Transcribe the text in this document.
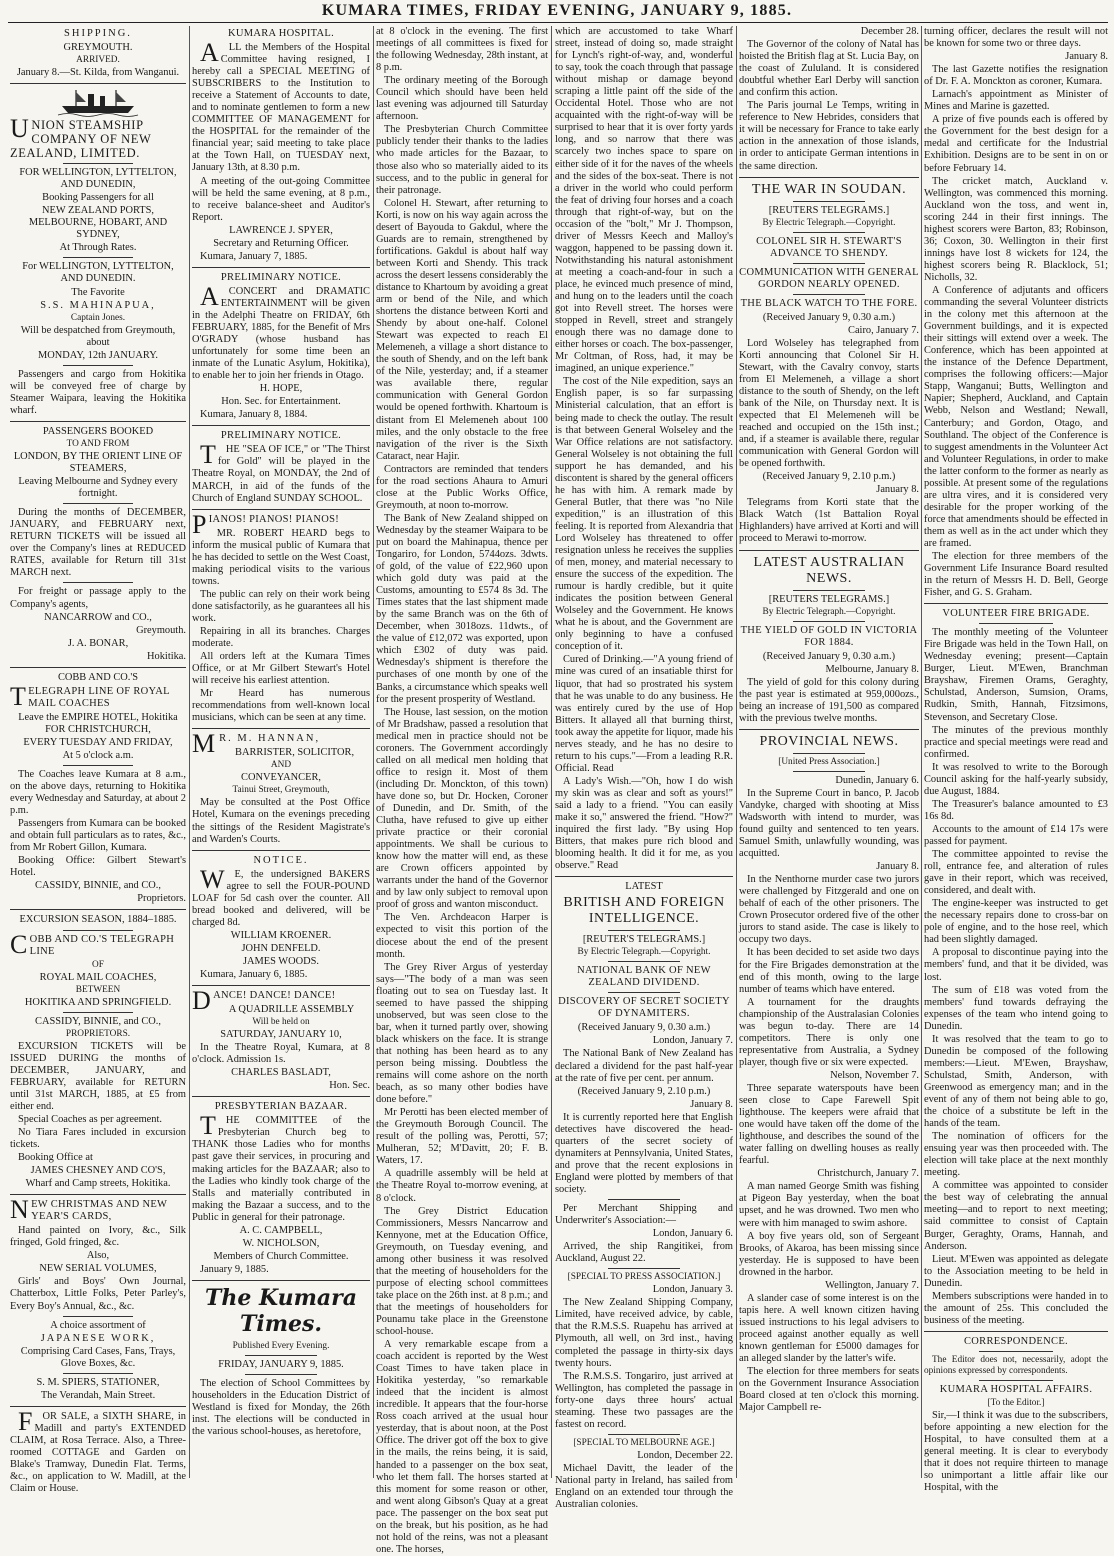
KUMARA TIMES, FRIDAY EVENING, JANUARY 9, 1885.

SHIPPING.

GREYMOUTH.

ARRIVED.

January 8.—St. Kilda, from Wanganui.

UNION STEAMSHIP COMPANY OF NEW ZEALAND, LIMITED.

FOR WELLINGTON, LYTTELTON, AND DUNEDIN,

Booking Passengers for all

NEW ZEALAND PORTS, MELBOURNE, HOBART, AND SYDNEY,

At Through Rates.

For WELLINGTON, LYTTELTON, AND DUNEDIN.

The Favorite

S.S. MAHINAPUA,

Captain Jones.

Will be despatched from Greymouth, about

MONDAY, 12th JANUARY.

Passengers and cargo from Hokitika will be conveyed free of charge by Steamer Waipara, leaving the Hokitika wharf.

PASSENGERS BOOKED

TO AND FROM

LONDON, BY THE ORIENT LINE OF STEAMERS,

Leaving Melbourne and Sydney every fortnight.

During the months of DECEMBER, JANUARY, and FEBRUARY next, RETURN TICKETS will be issued all over the Company's lines at REDUCED RATES, available for Return till 31st MARCH next.

For freight or passage apply to the Company's agents,

NANCARROW and CO.,

Greymouth.

J. A. BONAR,

Hokitika.

COBB AND CO.'S

TELEGRAPH LINE OF ROYAL MAIL COACHES

Leave the EMPIRE HOTEL, Hokitika FOR CHRISTCHURCH,

EVERY TUESDAY AND FRIDAY,

At 5 o'clock a.m.

The Coaches leave Kumara at 8 a.m., on the above days, returning to Hokitika every Wednesday and Saturday, at about 2 p.m.

Passengers from Kumara can be booked and obtain full particulars as to rates, &c., from Mr Robert Gillon, Kumara.

Booking Office: Gilbert Stewart's Hotel.

CASSIDY, BINNIE, and CO.,

Proprietors.

EXCURSION SEASON, 1884–1885.

COBB AND CO.'S TELEGRAPH LINE

OF

ROYAL MAIL COACHES,

BETWEEN

HOKITIKA AND SPRINGFIELD.

CASSIDY, BINNIE, and CO.,

PROPRIETORS.

EXCURSION TICKETS will be ISSUED DURING the months of DECEMBER, JANUARY, and FEBRUARY, available for RETURN until 31st MARCH, 1885, at £5 from either end.

Special Coaches as per agreement.

No Tiara Fares included in excursion tickets.

Booking Office at

JAMES CHESNEY AND CO'S,

Wharf and Camp streets, Hokitika.

NEW CHRISTMAS AND NEW YEAR'S CARDS,

Hand painted on Ivory, &c., Silk fringed, Gold fringed, &c.

Also,

NEW SERIAL VOLUMES,

Girls' and Boys' Own Journal, Chatterbox, Little Folks, Peter Parley's, Every Boy's Annual, &c., &c.

A choice assortment of

JAPANESE WORK,

Comprising Card Cases, Fans, Trays, Glove Boxes, &c.

S. M. SPIERS, STATIONER,

The Verandah, Main Street.

FOR SALE, a SIXTH SHARE, in Madill and party's EXTENDED CLAIM, at Rosa Terrace. Also, a Three-roomed COTTAGE and Garden on Blake's Tramway, Dunedin Flat. Terms, &c., on application to W. Madill, at the Claim or House.

KUMARA HOSPITAL.

ALL the Members of the Hospital Committee having resigned, I hereby call a SPECIAL MEETING of SUBSCRIBERS to the Institution to receive a Statement of Accounts to date, and to nominate gentlemen to form a new COMMITTEE OF MANAGEMENT for the HOSPITAL for the remainder of the financial year; said meeting to take place at the Town Hall, on TUESDAY next, January 13th, at 8.30 p.m.

A meeting of the out-going Committee will be held the same evening, at 8 p.m., to receive balance-sheet and Auditor's Report.

LAWRENCE J. SPYER,

Secretary and Returning Officer.

Kumara, January 7, 1885.

PRELIMINARY NOTICE.

ACONCERT and DRAMATIC ENTERTAINMENT will be given in the Adelphi Theatre on FRIDAY, 6th FEBRUARY, 1885, for the Benefit of Mrs O'GRADY (whose husband has unfortunately for some time been an inmate of the Lunatic Asylum, Hokitika), to enable her to join her friends in Otago.

H. HOPE,

Hon. Sec. for Entertainment.

Kumara, January 8, 1884.

PRELIMINARY NOTICE.

THE "SEA OF ICE," or "The Thirst for Gold" will be played in the Theatre Royal, on MONDAY, the 2nd of MARCH, in aid of the funds of the Church of England SUNDAY SCHOOL.

PIANOS! PIANOS! PIANOS!

MR. ROBERT HEARD begs to inform the musical public of Kumara that he has decided to settle on the West Coast, making periodical visits to the various towns.

The public can rely on their work being done satisfactorily, as he guarantees all his work.

Repairing in all its branches. Charges moderate.

All orders left at the Kumara Times Office, or at Mr Gilbert Stewart's Hotel will receive his earliest attention.

Mr Heard has numerous recommendations from well-known local musicians, which can be seen at any time.

MR. M. HANNAN,

BARRISTER, SOLICITOR,

AND

CONVEYANCER,

Tainui Street, Greymouth,

May be consulted at the Post Office Hotel, Kumara on the evenings preceding the sittings of the Resident Magistrate's and Warden's Courts.

NOTICE.

WE, the undersigned BAKERS agree to sell the FOUR-POUND LOAF for 5d cash over the counter. All bread booked and delivered, will be charged 8d.

WILLIAM KROENER.

JOHN DENFELD.

JAMES WOODS.

Kumara, January 6, 1885.

DANCE! DANCE! DANCE!

A QUADRILLE ASSEMBLY

Will be held on

SATURDAY, JANUARY 10,

In the Theatre Royal, Kumara, at 8 o'clock. Admission 1s.

CHARLES BASLADT,

Hon. Sec.

PRESBYTERIAN BAZAAR.

THE COMMITTEE of the Presbyterian Church beg to THANK those Ladies who for months past gave their services, in procuring and making articles for the BAZAAR; also to the Ladies who kindly took charge of the Stalls and materially contributed in making the Bazaar a success, and to the Public in general for their patronage.

A. C. CAMPBELL,

W. NICHOLSON,

Members of Church Committee.

January 9, 1885.

The Kumara Times.

Published Every Evening.

FRIDAY, JANUARY 9, 1885.

The election of School Committees by householders in the Education District of Westland is fixed for Monday, the 26th inst. The elections will be conducted in the various school-houses, as heretofore,

at 8 o'clock in the evening. The first meetings of all committees is fixed for the following Wednesday, 28th instant, at 8 p.m.

The ordinary meeting of the Borough Council which should have been held last evening was adjourned till Saturday afternoon.

The Presbyterian Church Committee publicly tender their thanks to the ladies who made articles for the Bazaar, to those also who so materially aided to its success, and to the public in general for their patronage.

Colonel H. Stewart, after returning to Korti, is now on his way again across the desert of Bayouda to Gakdul, where the Guards are to remain, strengthened by fortifications. Gakdul is about half way between Korti and Shendy. This track across the desert lessens considerably the distance to Khartoum by avoiding a great arm or bend of the Nile, and which shortens the distance between Korti and Shendy by about one-half. Colonel Stewart was expected to reach El Melemeneh, a village a short distance to the south of Shendy, and on the left bank of the Nile, yesterday; and, if a steamer was available there, regular communication with General Gordon would be opened forthwith. Khartoum is distant from El Melemeneh about 100 miles, and the only obstacle to the free navigation of the river is the Sixth Cataract, near Hajir.

Contractors are reminded that tenders for the road sections Ahaura to Amuri close at the Public Works Office, Greymouth, at noon to-morrow.

The Bank of New Zealand shipped on Wednesday by the steamer Waipara to be put on board the Mahinapua, thence per Tongariro, for London, 5744ozs. 3dwts. of gold, of the value of £22,960 upon which gold duty was paid at the Customs, amounting to £574 8s 3d. The Times states that the last shipment made by the same Branch was on the 6th of December, when 3018ozs. 11dwts., of the value of £12,072 was exported, upon which £302 of duty was paid. Wednesday's shipment is therefore the purchases of one month by one of the Banks, a circumstance which speaks well for the present prosperity of Westland.

The House, last session, on the motion of Mr Bradshaw, passed a resolution that medical men in practice should not be coroners. The Government accordingly called on all medical men holding that office to resign it. Most of them (including Dr. Monckton, of this town) have done so, but Dr. Hocken, Coroner of Dunedin, and Dr. Smith, of the Clutha, have refused to give up either private practice or their coronial appointments. We shall be curious to know how the matter will end, as these are Crown officers appointed by warrants under the hand of the Governor and by law only subject to removal upon proof of gross and wanton misconduct.

The Ven. Archdeacon Harper is expected to visit this portion of the diocese about the end of the present month.

The Grey River Argus of yesterday says—"The body of a man was seen floating out to sea on Tuesday last. It seemed to have passed the shipping unobserved, but was seen close to the bar, when it turned partly over, showing black whiskers on the face. It is strange that nothing has been heard as to any person being missing. Doubtless the remains will come ashore on the north beach, as so many other bodies have done before."

Mr Perotti has been elected member of the Greymouth Borough Council. The result of the polling was, Perotti, 57; Mulheran, 52; M'Davitt, 20; F. B. Waters, 17.

A quadrille assembly will be held at the Theatre Royal to-morrow evening, at 8 o'clock.

The Grey District Education Commissioners, Messrs Nancarrow and Kennyone, met at the Education Office, Greymouth, on Tuesday evening, and among other business it was resolved that the meeting of householders for the purpose of electing school committees take place on the 26th inst. at 8 p.m.; and that the meetings of householders for Pounamu take place in the Greenstone school-house.

A very remarkable escape from a coach accident is reported by the West Coast Times to have taken place in Hokitika yesterday, "so remarkable indeed that the incident is almost incredible. It appears that the four-horse Ross coach arrived at the usual hour yesterday, that is about noon, at the Post Office. The driver got off the box to give in the mails, the reins being, it is said, handed to a passenger on the box seat, who let them fall. The horses started at this moment for some reason or other, and went along Gibson's Quay at a great pace. The passenger on the box seat put on the break, but his position, as he had not hold of the reins, was not a pleasant one. The horses,

which are accustomed to take Wharf street, instead of doing so, made straight for Lynch's right-of-way, and, wonderful to say, took the coach through that passage without mishap or damage beyond scraping a little paint off the side of the Occidental Hotel. Those who are not acquainted with the right-of-way will be surprised to hear that it is over forty yards long, and so narrow that there was scarcely two inches space to spare on either side of it for the naves of the wheels and the sides of the box-seat. There is not a driver in the world who could perform the feat of driving four horses and a coach through that right-of-way, but on the occasion of the "bolt," Mr J. Thompson, driver of Messrs Keech and Malloy's waggon, happened to be passing down it. Notwithstanding his natural astonishment at meeting a coach-and-four in such a place, he evinced much presence of mind, and hung on to the leaders until the coach got into Revell street. The horses were stopped in Revell, street and strangely enough there was no damage done to either horses or coach. The box-passenger, Mr Coltman, of Ross, had, it may be imagined, an unique experience."

The cost of the Nile expedition, says an English paper, is so far surpassing Ministerial calculation, that an effort is being made to check the outlay. The result is that between General Wolseley and the War Office relations are not satisfactory. General Wolseley is not obtaining the full support he has demanded, and his discontent is shared by the general officers he has with him. A remark made by General Butler, that there was "no Nile expedition," is an illustration of this feeling. It is reported from Alexandria that Lord Wolseley has threatened to offer resignation unless he receives the supplies of men, money, and material necessary to ensure the success of the expedition. The rumour is hardly credible, but it quite indicates the position between General Wolseley and the Government. He knows what he is about, and the Government are only beginning to have a confused conception of it.

Cured of Drinking.—"A young friend of mine was cured of an insatiable thirst for liquor, that had so prostrated his system that he was unable to do any business. He was entirely cured by the use of Hop Bitters. It allayed all that burning thirst, took away the appetite for liquor, made his nerves steady, and he has no desire to return to his cups."—From a leading R.R. Official. Read

A Lady's Wish.—"Oh, how I do wish my skin was as clear and soft as yours!" said a lady to a friend. "You can easily make it so," answered the friend. "How?" inquired the first lady. "By using Hop Bitters, that makes pure rich blood and blooming health. It did it for me, as you observe." Read

LATEST

BRITISH AND FOREIGN INTELLIGENCE.

[REUTER'S TELEGRAMS.]

By Electric Telegraph.—Copyright.

NATIONAL BANK OF NEW ZEALAND DIVIDEND.

DISCOVERY OF SECRET SOCIETY OF DYNAMITERS.

(Received January 9, 0.30 a.m.)

London, January 7.

The National Bank of New Zealand has declared a dividend for the past half-year at the rate of five per cent. per annum.

(Received January 9, 2.10 p.m.)

January 8.

It is currently reported here that English detectives have discovered the head-quarters of the secret society of dynamiters at Pennsylvania, United States, and prove that the recent explosions in England were plotted by members of that society.

Per Merchant Shipping and Underwriter's Association:—

London, January 6.

Arrived, the ship Rangitikei, from Auckland, August 22.

[SPECIAL TO PRESS ASSOCIATION.]

London, January 3.

The New Zealand Shipping Company, Limited, have received advice, by cable, that the R.M.S.S. Ruapehu has arrived at Plymouth, all well, on 3rd inst., having completed the passage in thirty-six days twenty hours.

The R.M.S.S. Tongariro, just arrived at Wellington, has completed the passage in forty-one days three hours' actual steaming. These two passages are the fastest on record.

[SPECIAL TO MELBOURNE AGE.]

London, December 22.

Michael Davitt, the leader of the National party in Ireland, has sailed from England on an extended tour through the Australian colonies.

December 28.

The Governor of the colony of Natal has hoisted the British flag at St. Lucia Bay, on the coast of Zululand. It is considered doubtful whether Earl Derby will sanction and confirm this action.

The Paris journal Le Temps, writing in reference to New Hebrides, considers that it will be necessary for France to take early action in the annexation of those islands, in order to anticipate German intentions in the same direction.

THE WAR IN SOUDAN.

[REUTERS TELEGRAMS.]

By Electric Telegraph.—Copyright.

COLONEL SIR H. STEWART'S ADVANCE TO SHENDY.

COMMUNICATION WITH GENERAL GORDON NEARLY OPENED.

THE BLACK WATCH TO THE FORE.

(Received January 9, 0.30 a.m.)

Cairo, January 7.

Lord Wolseley has telegraphed from Korti announcing that Colonel Sir H. Stewart, with the Cavalry convoy, starts from El Melemeneh, a village a short distance to the south of Shendy, on the left bank of the Nile, on Thursday next. It is expected that El Melemeneh will be reached and occupied on the 15th inst.; and, if a steamer is available there, regular communication with General Gordon will be opened forthwith.

(Received January 9, 2.10 p.m.)

January 8.

Telegrams from Korti state that the Black Watch (1st Battalion Royal Highlanders) have arrived at Korti and will proceed to Merawi to-morrow.

LATEST AUSTRALIAN NEWS.

[REUTERS TELEGRAMS.]

By Electric Telegraph.—Copyright.

THE YIELD OF GOLD IN VICTORIA FOR 1884.

(Received January 9, 0.30 a.m.)

Melbourne, January 8.

The yield of gold for this colony during the past year is estimated at 959,000ozs., being an increase of 191,500 as compared with the previous twelve months.

PROVINCIAL NEWS.

[United Press Association.]

Dunedin, January 6.

In the Supreme Court in banco, P. Jacob Vandyke, charged with shooting at Miss Wadsworth with intend to murder, was found guilty and sentenced to ten years. Samuel Smith, unlawfully wounding, was acquitted.

January 8.

In the Nenthorne murder case two jurors were challenged by Fitzgerald and one on behalf of each of the other prisoners. The Crown Prosecutor ordered five of the other jurors to stand aside. The case is likely to occupy two days.

It has been decided to set aside two days for the Fire Brigades demonstration at the end of this month, owing to the large number of teams which have entered.

A tournament for the draughts championship of the Australasian Colonies was begun to-day. There are 14 competitors. There is only one representative from Australia, a Sydney player, though five or six were expected.

Nelson, November 7.

Three separate waterspouts have been seen close to Cape Farewell Spit lighthouse. The keepers were afraid that one would have taken off the dome of the lighthouse, and describes the sound of the water falling on dwelling houses as really fearful.

Christchurch, January 7.

A man named George Smith was fishing at Pigeon Bay yesterday, when the boat upset, and he was drowned. Two men who were with him managed to swim ashore.

A boy five years old, son of Sergeant Brooks, of Akaroa, has been missing since yesterday. He is supposed to have been drowned in the harbor.

Wellington, January 7.

A slander case of some interest is on the tapis here. A well known citizen having issued instructions to his legal advisers to proceed against another equally as well known gentleman for £5000 damages for an alleged slander by the latter's wife.

The election for three members for seats on the Government Insurance Association Board closed at ten o'clock this morning. Major Campbell re-

turning officer, declares the result will not be known for some two or three days.

January 8.

The last Gazette notifies the resignation of Dr. F. A. Monckton as coroner, Kumara.

Larnach's appointment as Minister of Mines and Marine is gazetted.

A prize of five pounds each is offered by the Government for the best design for a medal and certificate for the Industrial Exhibition. Designs are to be sent in on or before February 14.

The cricket match, Auckland v. Wellington, was commenced this morning. Auckland won the toss, and went in, scoring 244 in their first innings. The highest scorers were Barton, 83; Robinson, 36; Coxon, 30. Wellington in their first innings have lost 8 wickets for 124, the highest scorers being R. Blacklock, 51; Nicholls, 32.

A Conference of adjutants and officers commanding the several Volunteer districts in the colony met this afternoon at the Government buildings, and it is expected their sittings will extend over a week. The Conference, which has been appointed at the instance of the Defence Department, comprises the following officers:—Major Stapp, Wanganui; Butts, Wellington and Napier; Shepherd, Auckland, and Captain Webb, Nelson and Westland; Newall, Canterbury; and Gordon, Otago, and Southland. The object of the Conference is to suggest amendments in the Volunteer Act and Volunteer Regulations, in order to make the latter conform to the former as nearly as possible. At present some of the regulations are ultra vires, and it is considered very desirable for the proper working of the force that amendments should be effected in them as well as in the act under which they are framed.

The election for three members of the Government Life Insurance Board resulted in the return of Messrs H. D. Bell, George Fisher, and G. S. Graham.

VOLUNTEER FIRE BRIGADE.

The monthly meeting of the Volunteer Fire Brigade was held in the Town Hall, on Wednesday evening; present—Captain Burger, Lieut. M'Ewen, Branchman Brayshaw, Firemen Orams, Geraghty, Schulstad, Anderson, Sumsion, Orams, Rudkin, Smith, Hannah, Fitzsimons, Stevenson, and Secretary Close.

The minutes of the previous monthly practice and special meetings were read and confirmed.

It was resolved to write to the Borough Council asking for the half-yearly subsidy, due August, 1884.

The Treasurer's balance amounted to £3 16s 8d.

Accounts to the amount of £14 17s were passed for payment.

The committee appointed to revise the roll, entrance fee, and alteration of rules gave in their report, which was received, considered, and dealt with.

The engine-keeper was instructed to get the necessary repairs done to cross-bar on pole of engine, and to the hose reel, which had been slightly damaged.

A proposal to discontinue paying into the members' fund, and that it be divided, was lost.

The sum of £18 was voted from the members' fund towards defraying the expenses of the team who intend going to Dunedin.

It was resolved that the team to go to Dunedin be composed of the following members:—Lieut. M'Ewen, Brayshaw, Schulstad, Smith, Anderson, with Greenwood as emergency man; and in the event of any of them not being able to go, the choice of a substitute be left in the hands of the team.

The nomination of officers for the ensuing year was then proceeded with. The election will take place at the next monthly meeting.

A committee was appointed to consider the best way of celebrating the annual meeting—and to report to next meeting; said committee to consist of Captain Burger, Geraghty, Orams, Hannah, and Anderson.

Lieut. M'Ewen was appointed as delegate to the Association meeting to be held in Dunedin.

Members subscriptions were handed in to the amount of 25s. This concluded the business of the meeting.

CORRESPONDENCE.

The Editor does not, necessarily, adopt the opinions expressed by correspondents.

KUMARA HOSPITAL AFFAIRS.

[To the Editor.]

Sir,—I think it was due to the subscribers, before appointing a new election for the Hospital, to have consulted them at a general meeting. It is clear to everybody that it does not require thirteen to manage so unimportant a little affair like our Hospital, with the
